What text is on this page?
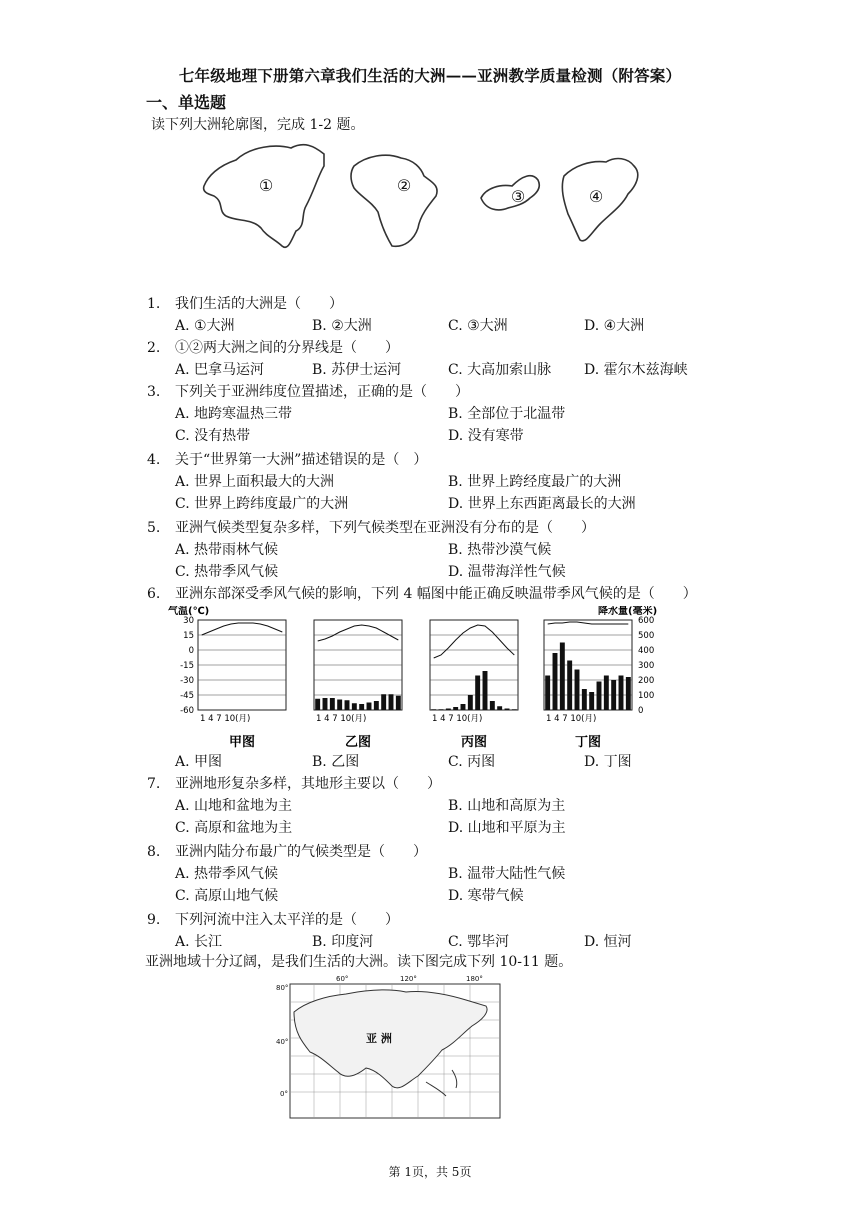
七年级地理下册第六章我们生活的大洲——亚洲教学质量检测（附答案）
一、单选题
读下列大洲轮廓图，完成 1-2 题。
①	②
③	④
1. 我们生活的大洲是（　　）
A. ①大洲	B. ②大洲	C. ③大洲	D. ④大洲
2. ①②两大洲之间的分界线是（　　）
A. 巴拿马运河	B. 苏伊士运河	C. 大高加索山脉 D. 霍尔木兹海峡
3. 下列关于亚洲纬度位置描述，正确的是（　　）
A. 地跨寒温热三带	B. 全部位于北温带
C. 没有热带	D. 没有寒带
4. 关于“世界第一大洲”描述错误的是（　）
A. 世界上面积最大的大洲	B. 世界上跨经度最广的大洲
C. 世界上跨纬度最广的大洲	D. 世界上东西距离最长的大洲
5. 亚洲气候类型复杂多样，下列气候类型在亚洲没有分布的是（　　）
A. 热带雨林气候	B. 热带沙漠气候
C. 热带季风气候	D. 温带海洋性气候
6. 亚洲东部深受季风气候的影响，下列 4 幅图中能正确反映温带季风气候的是（　　）
A. 甲图	B. 乙图	C. 丙图	D. 丁图
7. 亚洲地形复杂多样，其地形主要以（　　）
A. 山地和盆地为主	B. 山地和高原为主
C. 高原和盆地为主	D. 山地和平原为主
8. 亚洲内陆分布最广的气候类型是（　　）
A. 热带季风气候	B. 温带大陆性气候
C. 高原山地气候	D. 寒带气候
9. 下列河流中注入太平洋的是（　　）
A. 长江	B. 印度河	C. 鄂毕河	D. 恒河
气温(℃)	降水量(毫米)
30
15
0
-15
-30
-45
-60
600
500
400
300
200
100
0
1 4 7 10(月)
甲图
1 4 7 10(月)
乙图
1 4 7 10(月)
丙图
1 4 7 10(月)
丁图
亚洲地域十分辽阔，是我们生活的大洲。读下图完成下列 10-11 题。
60°	120°	180°
80°
40°
0°
亚 洲
第 1页，共 5页
